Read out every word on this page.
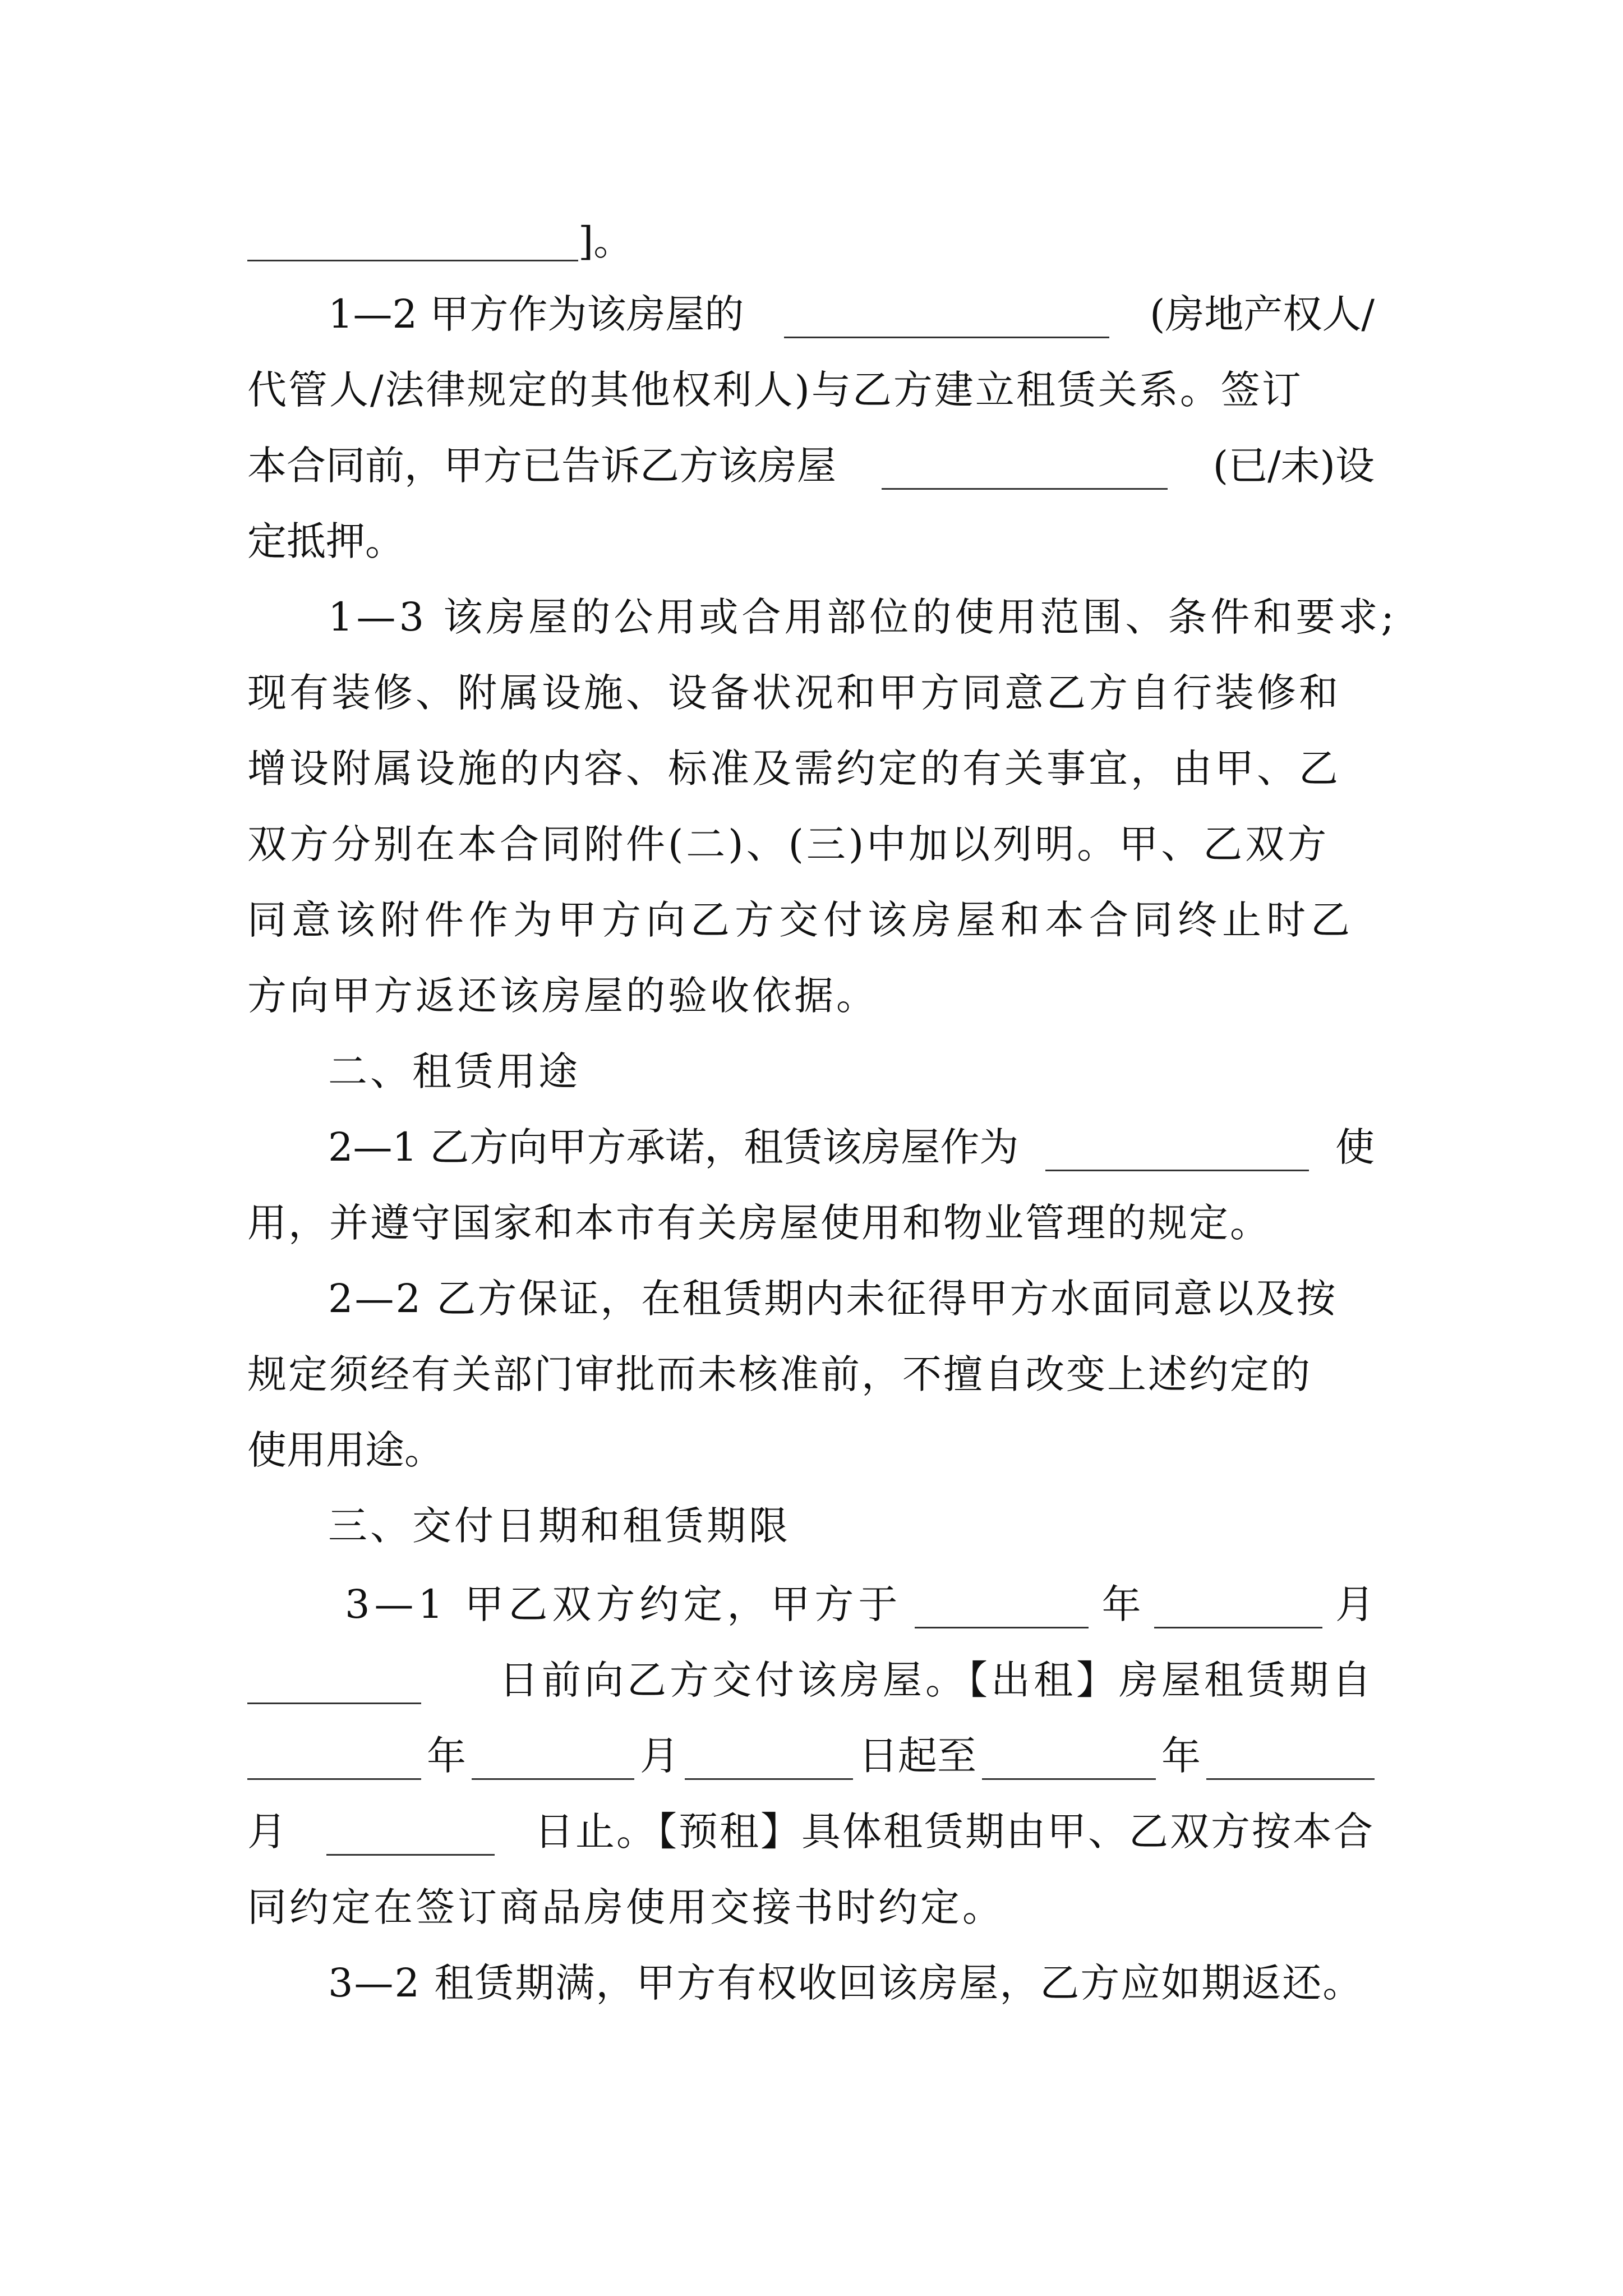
]。
1—2 甲方作为该房屋的	(房地产权人/
代管人/法律规定的其他权利人)与乙方建立租赁关系。签订
本合同前，甲方已告诉乙方该房屋	(已/未)设
定抵押。
1—3 该房屋的公用或合用部位的使用范围、条件和要求;
现有装修、附属设施、设备状况和甲方同意乙方自行装修和
增设附属设施的内容、标准及需约定的有关事宜，由甲、乙
双方分别在本合同附件(二)、(三)中加以列明。甲、乙双方
同意该附件作为甲方向乙方交付该房屋和本合同终止时乙
方向甲方返还该房屋的验收依据。
二、租赁用途
2—1 乙方向甲方承诺，租赁该房屋作为	使
用，并遵守国家和本市有关房屋使用和物业管理的规定。
2—2 乙方保证，在租赁期内未征得甲方水面同意以及按
规定须经有关部门审批而未核准前，不擅自改变上述约定的
使用用途。
三、交付日期和租赁期限
3—1 甲乙双方约定，甲方于	年	月
日前向乙方交付该房屋。【出租】房屋租赁期自
年	月	日起至	年
月	日止。【预租】具体租赁期由甲、乙双方按本合
同约定在签订商品房使用交接书时约定。
3—2 租赁期满，甲方有权收回该房屋，乙方应如期返还。
